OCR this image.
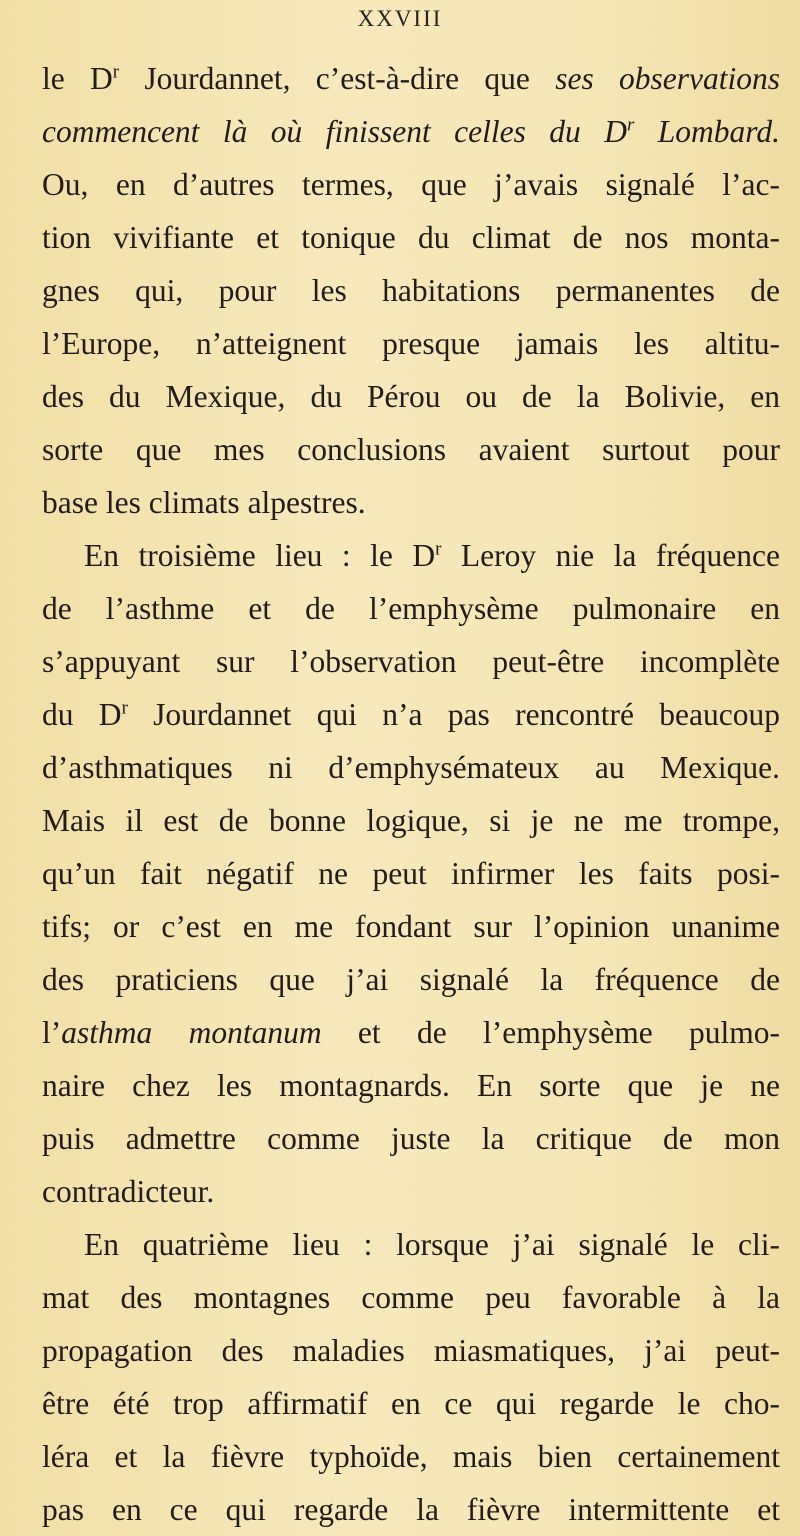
XXVIII
le $D^r$ Jourdannet, c’est-à-dire que ses observations
commencent là où finissent celles du $D^r$ Lombard.
Ou, en d’autres termes, que j’avais signalé l’ac-
tion vivifiante et tonique du climat de nos monta-
gnes qui, pour les habitations permanentes de
l’Europe, n’atteignent presque jamais les altitu-
des du Mexique, du Pérou ou de la Bolivie, en
sorte que mes conclusions avaient surtout pour
base les climats alpestres.
En troisième lieu : le $D^r$ Leroy nie la fréquence
de l’asthme et de l’emphysème pulmonaire en
s’appuyant sur l’observation peut-être incomplète
du $D^r$ Jourdannet qui n’a pas rencontré beaucoup
d’asthmatiques ni d’emphysémateux au Mexique.
Mais il est de bonne logique, si je ne me trompe,
qu’un fait négatif ne peut infirmer les faits posi-
tifs; or c’est en me fondant sur l’opinion unanime
des praticiens que j’ai signalé la fréquence de
l’asthma montanum et de l’emphysème pulmo-
naire chez les montagnards. En sorte que je ne
puis admettre comme juste la critique de mon
contradicteur.
En quatrième lieu : lorsque j’ai signalé le cli-
mat des montagnes comme peu favorable à la
propagation des maladies miasmatiques, j’ai peut-
être été trop affirmatif en ce qui regarde le cho-
léra et la fièvre typhoïde, mais bien certainement
pas en ce qui regarde la fièvre intermittente et
